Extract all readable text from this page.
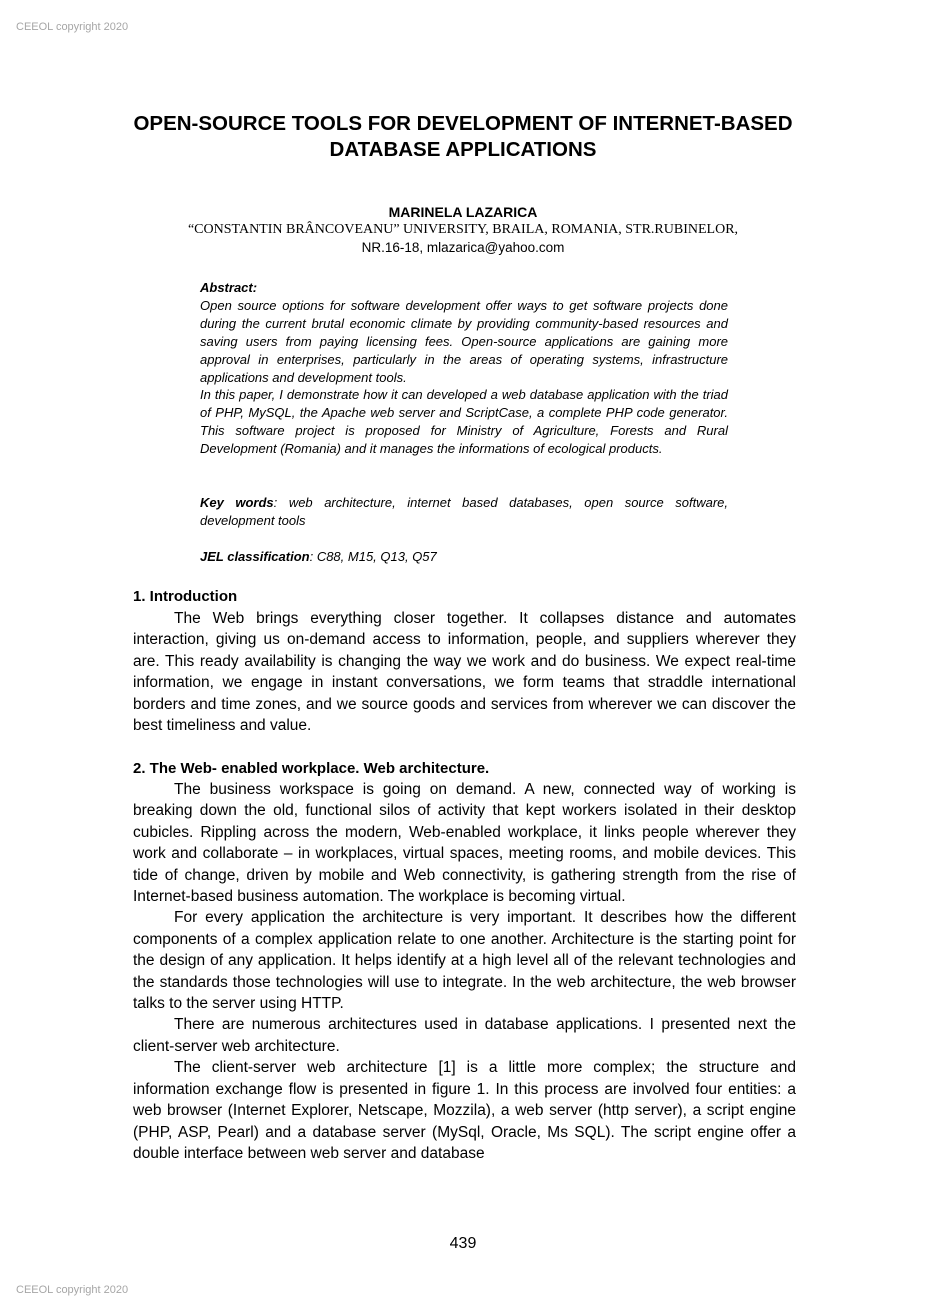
CEEOL copyright 2020
OPEN-SOURCE TOOLS FOR DEVELOPMENT OF INTERNET-BASED DATABASE APPLICATIONS
MARINELA LAZARICA
“CONSTANTIN BRÂNCOVEANU” UNIVERSITY, BRAILA, ROMANIA, STR.RUBINELOR,
NR.16-18, mlazarica@yahoo.com
Abstract:
Open source options for software development offer ways to get software projects done during the current brutal economic climate by providing community-based resources and saving users from paying licensing fees. Open-source applications are gaining more approval in enterprises, particularly in the areas of operating systems, infrastructure applications and development tools.
In this paper, I demonstrate how it can developed a web database application with the triad of PHP, MySQL, the Apache web server and ScriptCase, a complete PHP code generator. This software project is proposed for Ministry of Agriculture, Forests and Rural Development (Romania) and it manages the informations of ecological products.
Key words: web architecture, internet based databases, open source software, development tools
JEL classification: C88, M15, Q13, Q57
1. Introduction

The Web brings everything closer together. It collapses distance and automates interaction, giving us on-demand access to information, people, and suppliers wherever they are. This ready availability is changing the way we work and do business. We expect real-time information, we engage in instant conversations, we form teams that straddle international borders and time zones, and we source goods and services from wherever we can discover the best timeliness and value.

2. The Web- enabled workplace. Web architecture.

The business workspace is going on demand. A new, connected way of working is breaking down the old, functional silos of activity that kept workers isolated in their desktop cubicles. Rippling across the modern, Web-enabled workplace, it links people wherever they work and collaborate – in workplaces, virtual spaces, meeting rooms, and mobile devices. This tide of change, driven by mobile and Web connectivity, is gathering strength from the rise of Internet-based business automation. The workplace is becoming virtual.

For every application the architecture is very important. It describes how the different components of a complex application relate to one another. Architecture is the starting point for the design of any application. It helps identify at a high level all of the relevant technologies and the standards those technologies will use to integrate. In the web architecture, the web browser talks to the server using HTTP.

There are numerous architectures used in database applications. I presented next the client-server web architecture.

The client-server web architecture [1] is a little more complex; the structure and information exchange flow is presented in figure 1. In this process are involved four entities: a web browser (Internet Explorer, Netscape, Mozzila), a web server (http server), a script engine (PHP, ASP, Pearl) and a database server (MySql, Oracle, Ms SQL). The script engine offer a double interface between web server and database

439
CEEOL copyright 2020
